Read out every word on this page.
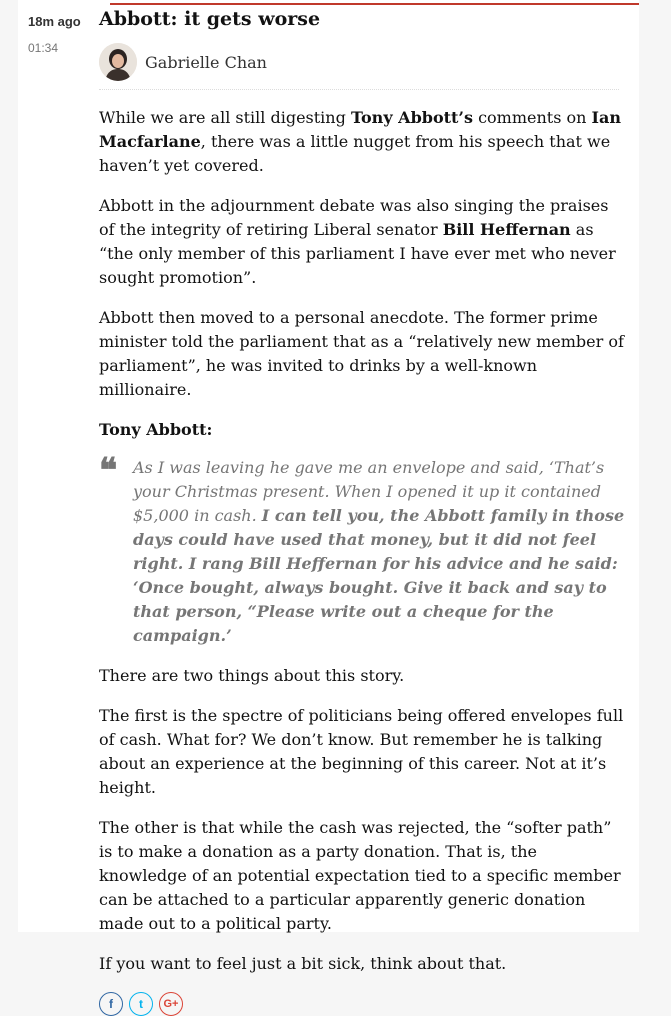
18m ago
01:34
Abbott: it gets worse
Gabrielle Chan

While we are all still digesting Tony Abbott’s comments on Ian Macfarlane, there was a little nugget from his speech that we haven’t yet covered.

Abbott in the adjournment debate was also singing the praises of the integrity of retiring Liberal senator Bill Heffernan as “the only member of this parliament I have ever met who never sought promotion”.

Abbott then moved to a personal anecdote. The former prime minister told the parliament that as a “relatively new member of parliament”, he was invited to drinks by a well-known millionaire.

Tony Abbott:

❝ As I was leaving he gave me an envelope and said, ‘That’s your Christmas present. When I opened it up it contained $5,000 in cash. I can tell you, the Abbott family in those days could have used that money, but it did not feel right. I rang Bill Heffernan for his advice and he said: ‘Once bought, always bought. Give it back and say to that person, “Please write out a cheque for the campaign.’

There are two things about this story.

The first is the spectre of politicians being offered envelopes full of cash. What for? We don’t know. But remember he is talking about an experience at the beginning of this career. Not at it’s height.

The other is that while the cash was rejected, the “softer path” is to make a donation as a party donation. That is, the knowledge of an potential expectation tied to a specific member can be attached to a particular apparently generic donation made out to a political party.

If you want to feel just a bit sick, think about that.

f	t	G+
